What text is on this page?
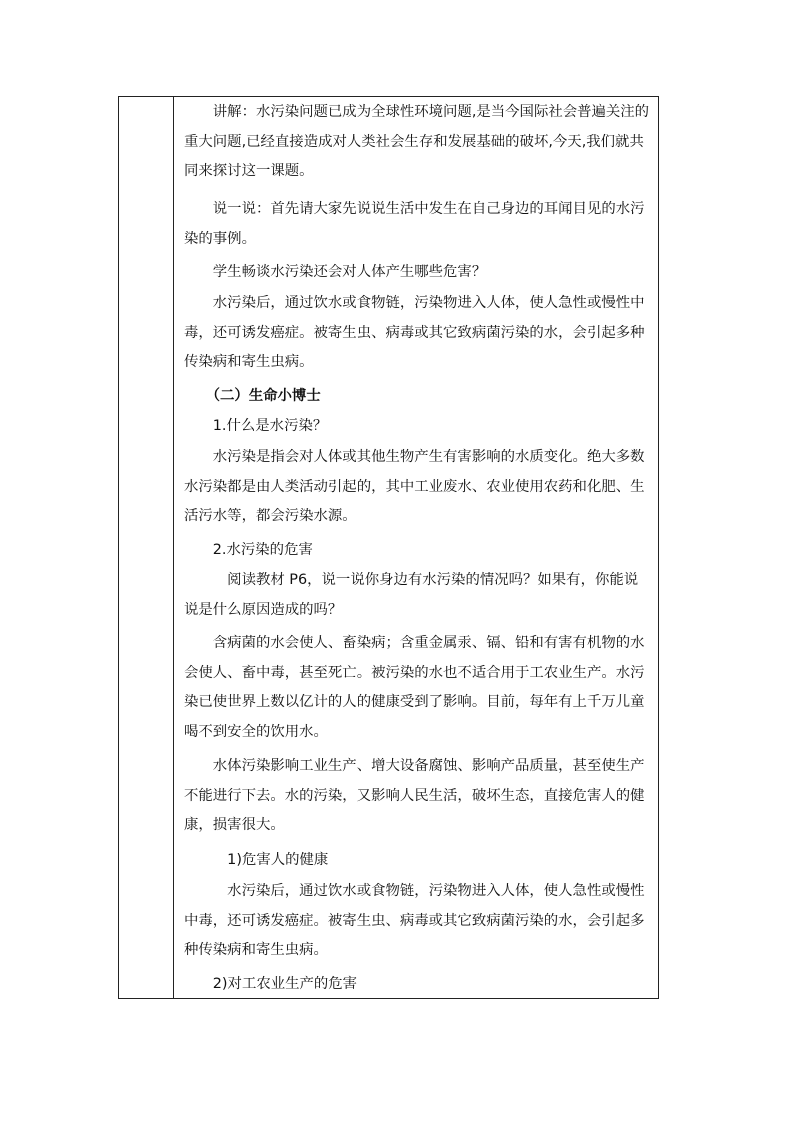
　　讲解：水污染问题已成为全球性环境问题,是当今国际社会普遍关注的重大问题,已经直接造成对人类社会生存和发展基础的破坏,今天,我们就共同来探讨这一课题。
　　说一说：首先请大家先说说生活中发生在自己身边的耳闻目见的水污染的事例。
　　学生畅谈水污染还会对人体产生哪些危害？
　　水污染后，通过饮水或食物链，污染物进入人体，使人急性或慢性中毒，还可诱发癌症。被寄生虫、病毒或其它致病菌污染的水，会引起多种传染病和寄生虫病。
　　（二）生命小博士
　　1.什么是水污染？
　　水污染是指会对人体或其他生物产生有害影响的水质变化。绝大多数水污染都是由人类活动引起的，其中工业废水、农业使用农药和化肥、生活污水等，都会污染水源。
　　2.水污染的危害
　　　阅读教材 P6，说一说你身边有水污染的情况吗？如果有，你能说说是什么原因造成的吗？
　　含病菌的水会使人、畜染病；含重金属汞、镉、铅和有害有机物的水会使人、畜中毒，甚至死亡。被污染的水也不适合用于工农业生产。水污染已使世界上数以亿计的人的健康受到了影响。目前，每年有上千万儿童喝不到安全的饮用水。
　　水体污染影响工业生产、增大设备腐蚀、影响产品质量，甚至使生产不能进行下去。水的污染，又影响人民生活，破坏生态，直接危害人的健康，损害很大。
　　　1)危害人的健康
　　　水污染后，通过饮水或食物链，污染物进入人体，使人急性或慢性中毒，还可诱发癌症。被寄生虫、病毒或其它致病菌污染的水，会引起多种传染病和寄生虫病。
　　2)对工农业生产的危害
